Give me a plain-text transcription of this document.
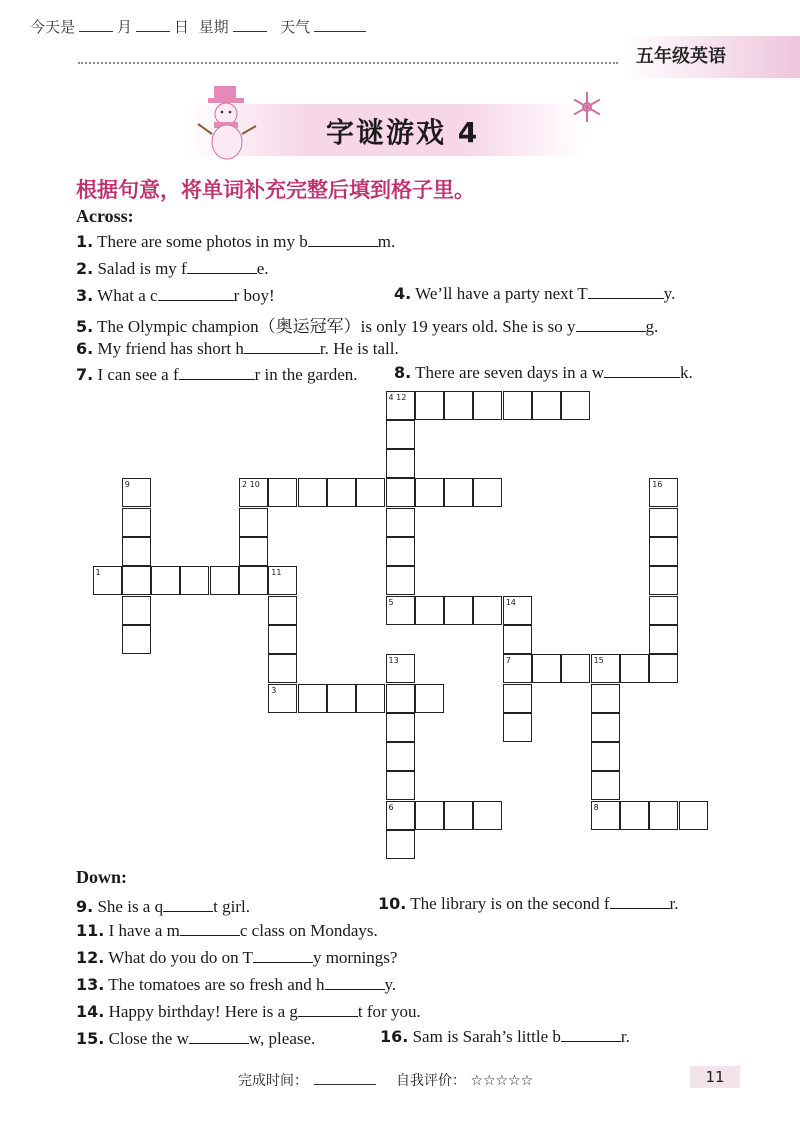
今天是	月	日 星期	天气
五年级英语
字谜游戏 4
根据句意，将单词补充完整后填到格子里。
Across:
1. There are some photos in my b	m.
2. Salad is my f	e.
3. What a c	r boy!	4. We’ll have a party next T	y.
5. The Olympic champion（奥运冠军）is only 19 years old. She is so y	g.
6. My friend has short h	r. He is tall.
7. I can see a f	r in the garden. 8. There are seven days in a w	k.
4 12
2 10
1	11
5	14
7	15
3
6	8
9
13
16
Down:
9. She is a q	t girl.	10. The library is on the second f	r.
11. I have a m	c class on Mondays.
12. What do you do on T	y mornings?
13. The tomatoes are so fresh and h	y.
14. Happy birthday! Here is a g	t for you.
15. Close the w	w, please.	16. Sam is Sarah’s little b	r.
完成时间：	自我评价： ☆☆☆☆☆	11
